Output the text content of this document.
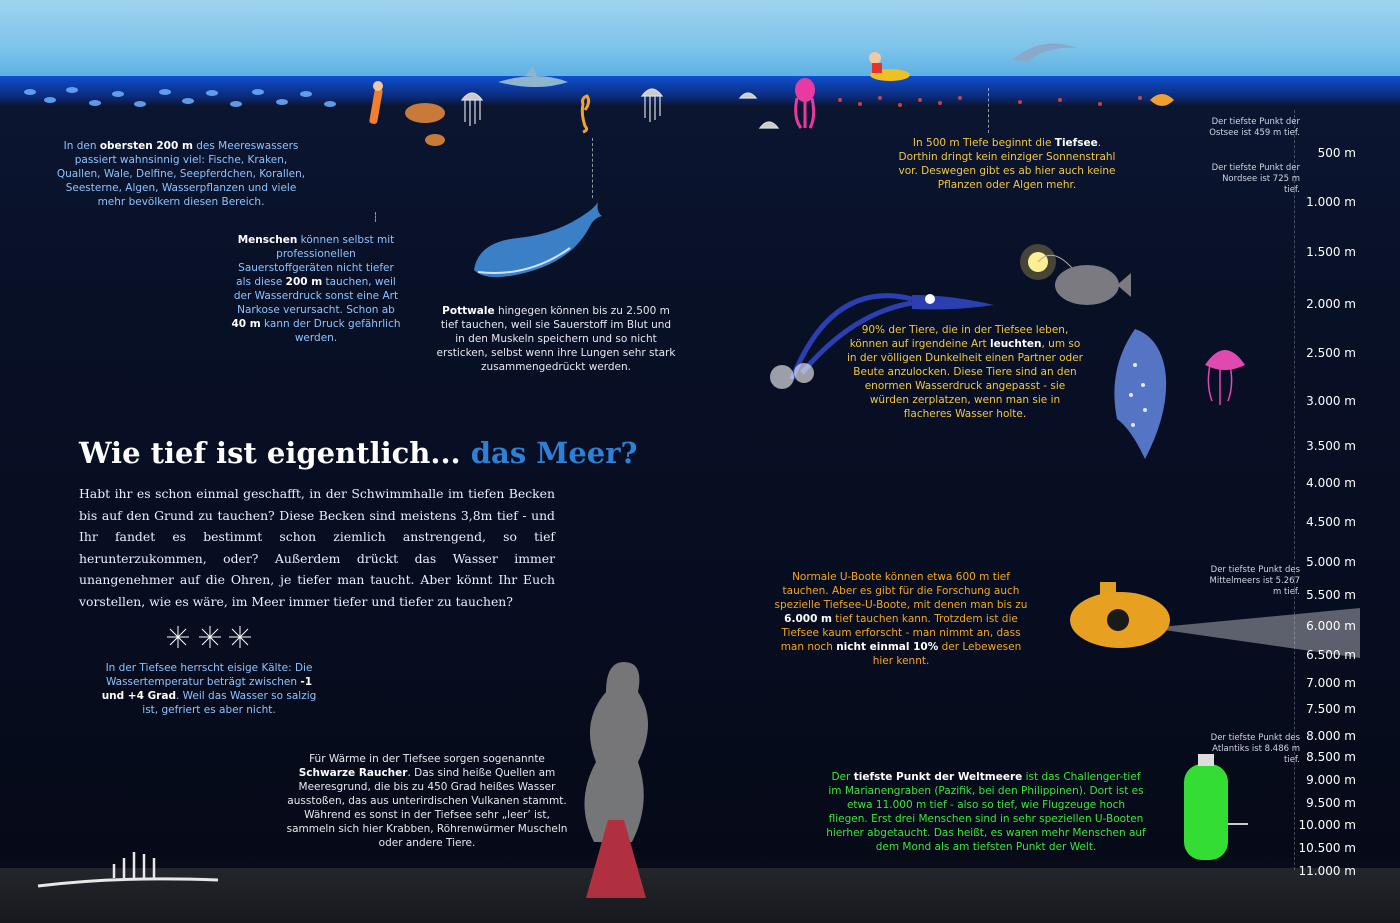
In den obersten 200 m des Meereswassers passiert wahnsinnig viel: Fische, Kraken, Quallen, Wale, Delfine, Seepferdchen, Korallen, Seesterne, Algen, Wasserpflanzen und viele mehr bevölkern diesen Bereich.
Menschen können selbst mit professionellen Sauerstoffgeräten nicht tiefer als diese 200 m tauchen, weil der Wasserdruck sonst eine Art Narkose verursacht. Schon ab 40 m kann der Druck gefährlich werden.
Pottwale hingegen können bis zu 2.500 m tief tauchen, weil sie Sauerstoff im Blut und in den Muskeln speichern und so nicht ersticken, selbst wenn ihre Lungen sehr stark zusammengedrückt werden.
In 500 m Tiefe beginnt die Tiefsee. Dorthin dringt kein einziger Sonnenstrahl vor. Deswegen gibt es ab hier auch keine Pflanzen oder Algen mehr.
90% der Tiere, die in der Tiefsee leben, können auf irgendeine Art leuchten, um so in der völligen Dunkelheit einen Partner oder Beute anzulocken. Diese Tiere sind an den enormen Wasserdruck angepasst - sie würden zerplatzen, wenn man sie in flacheres Wasser holte.
In der Tiefsee herrscht eisige Kälte: Die Wassertemperatur beträgt zwischen -1 und +4 Grad. Weil das Wasser so salzig ist, gefriert es aber nicht.
Normale U-Boote können etwa 600 m tief tauchen. Aber es gibt für die Forschung auch spezielle Tiefsee-U-Boote, mit denen man bis zu 6.000 m tief tauchen kann. Trotzdem ist die Tiefsee kaum erforscht - man nimmt an, dass man noch nicht einmal 10% der Lebewesen hier kennt.
Für Wärme in der Tiefsee sorgen sogenannte Schwarze Raucher. Das sind heiße Quellen am Meeresgrund, die bis zu 450 Grad heißes Wasser ausstoßen, das aus unterirdischen Vulkanen stammt. Während es sonst in der Tiefsee sehr „leer’ ist, sammeln sich hier Krabben, Röhrenwürmer Muscheln oder andere Tiere.
Der tiefste Punkt der Weltmeere ist das Challenger-tief im Marianengraben (Pazifik, bei den Philippinen). Dort ist es etwa 11.000 m tief - also so tief, wie Flugzeuge hoch fliegen. Erst drei Menschen sind in sehr speziellen U-Booten hierher abgetaucht. Das heißt, es waren mehr Menschen auf dem Mond als am tiefsten Punkt der Welt.
Wie tief ist eigentlich... das Meer?
Habt ihr es schon einmal geschafft, in der Schwimmhalle im tiefen Becken bis auf den Grund zu tauchen? Diese Becken sind meistens 3,8m tief - und Ihr fandet es bestimmt schon ziemlich anstrengend, so tief herunterzukommen, oder? Außerdem drückt das Wasser immer unangenehmer auf die Ohren, je tiefer man taucht. Aber könnt Ihr Euch vorstellen, wie es wäre, im Meer immer tiefer und tiefer zu tauchen?
Der tiefste Punkt der Ostsee ist 459 m tief.
Der tiefste Punkt der Nordsee ist 725 m tief.
Der tiefste Punkt des Mittelmeers ist 5.267 m tief.
Der tiefste Punkt des Atlantiks ist 8.486 m tief.
500 m
1.000 m
1.500 m
2.000 m
2.500 m
3.000 m
3.500 m
4.000 m
4.500 m
5.000 m
5.500 m
6.000 m
6.500 m
7.000 m
7.500 m
8.000 m
8.500 m
9.000 m
9.500 m
10.000 m
10.500 m
11.000 m
